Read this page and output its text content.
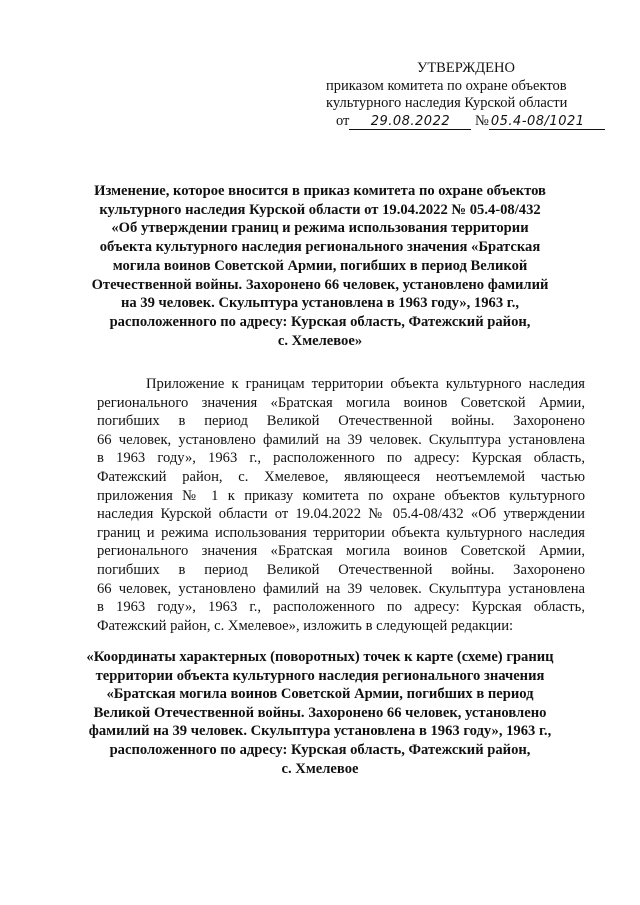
УТВЕРЖДЕНО
приказом комитета по охране объектов
культурного наследия Курской области
от 29.08.2022 № 05.4-08/1021
Изменение, которое вносится в приказ комитета по охране объектов
культурного наследия Курской области от 19.04.2022 № 05.4-08/432
«Об утверждении границ и режима использования территории
объекта культурного наследия регионального значения «Братская
могила воинов Советской Армии, погибших в период Великой
Отечественной войны. Захоронено 66 человек, установлено фамилий
на 39 человек. Скульптура установлена в 1963 году», 1963 г.,
расположенного по адресу: Курская область, Фатежский район,
с. Хмелевое»
Приложение к границам территории объекта культурного наследия
регионального значения «Братская могила воинов Советской Армии,
погибших в период Великой Отечественной войны. Захоронено
66 человек, установлено фамилий на 39 человек. Скульптура установлена
в 1963 году», 1963 г., расположенного по адресу: Курская область,
Фатежский район, с. Хмелевое, являющееся неотъемлемой частью
приложения № 1 к приказу комитета по охране объектов культурного
наследия Курской области от 19.04.2022 № 05.4-08/432 «Об утверждении
границ и режима использования территории объекта культурного наследия
регионального значения «Братская могила воинов Советской Армии,
погибших в период Великой Отечественной войны. Захоронено
66 человек, установлено фамилий на 39 человек. Скульптура установлена
в 1963 году», 1963 г., расположенного по адресу: Курская область,
Фатежский район, с. Хмелевое», изложить в следующей редакции:
«Координаты характерных (поворотных) точек к карте (схеме) границ
территории объекта культурного наследия регионального значения
«Братская могила воинов Советской Армии, погибших в период
Великой Отечественной войны. Захоронено 66 человек, установлено
фамилий на 39 человек. Скульптура установлена в 1963 году», 1963 г.,
расположенного по адресу: Курская область, Фатежский район,
с. Хмелевое
